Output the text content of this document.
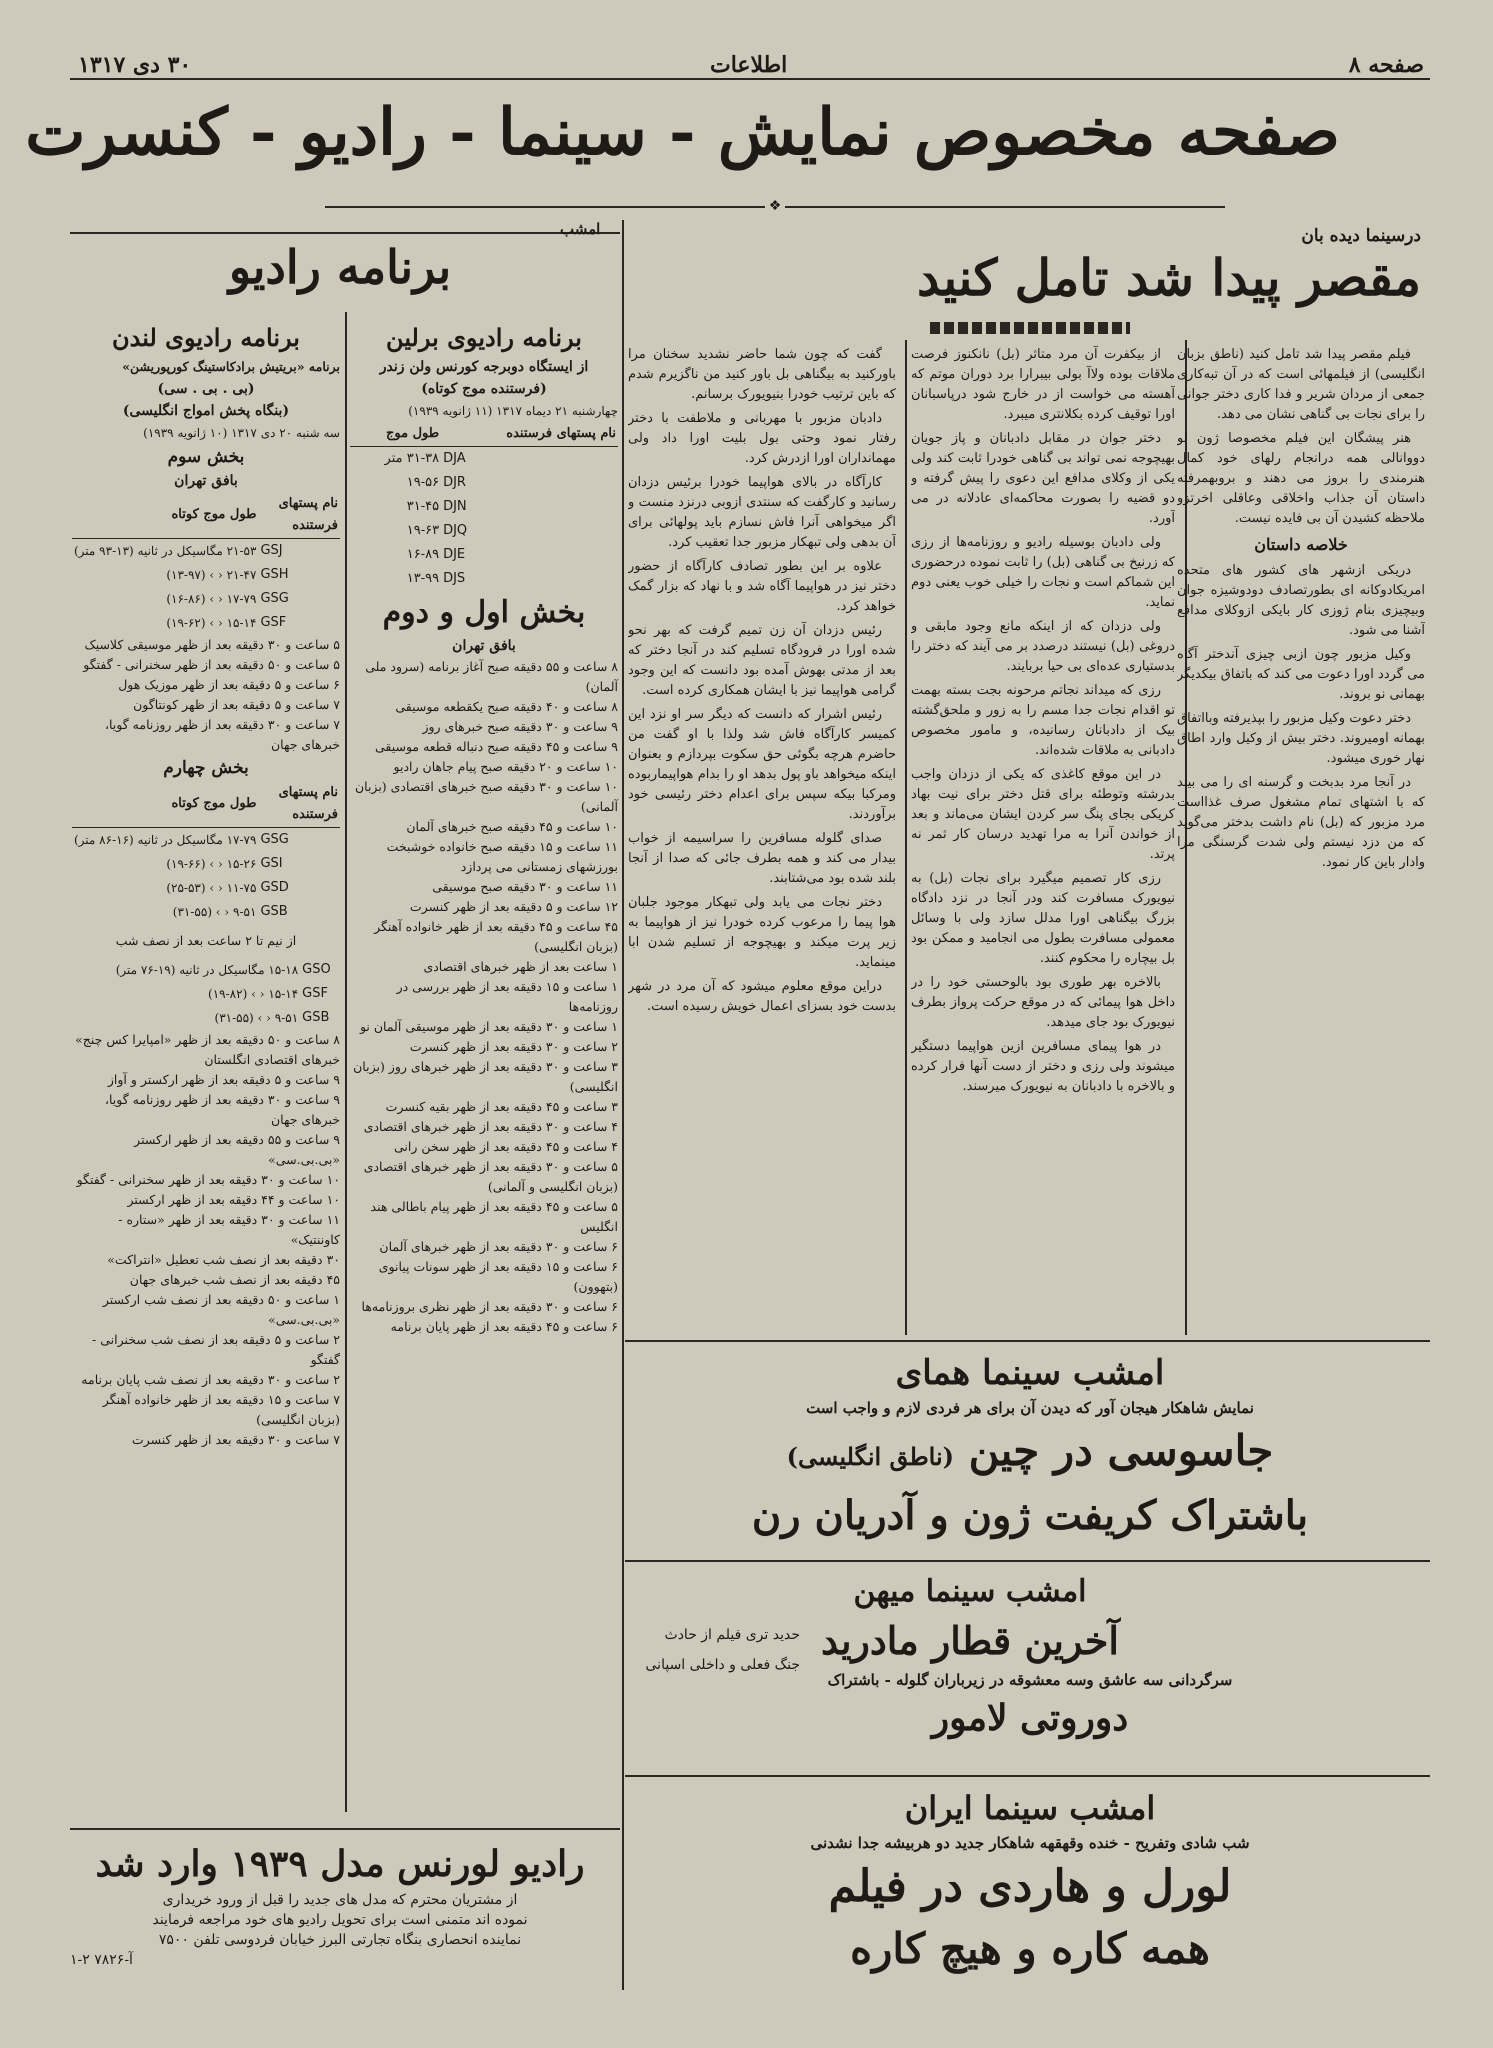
صفحه ۸
اطلاعات
۳۰ دی ۱۳۱۷
صفحه مخصوص نمایش - سینما - رادیو - کنسرت
❖
درسینما دیده بان
مقصر پیدا شد تامل کنید

فیلم مقصر پیدا شد تامل کنید (ناطق بزبان انگلیسی) از فیلمهائی است که در آن تبه‌کاری جمعی از مردان شریر و فدا کاری دختر جوانی را برای نجات بی گناهی نشان می دهد.

هنر پیشگان این فیلم مخصوصا ژون لو دووانالی همه درانجام رلهای خود کمال هنرمندی را بروز می دهند و بروبهمرفته داستان آن جذاب واخلاقی وعاقلی اخرتزو ملاحظه کشیدن آن بی فایده نیست.

خلاصه داستان

دریکی ازشهر های کشور های متحده امریکادوکانه ای بطورتصادف دودوشیزه جوان وبیچیزی بنام ژوزی کار بایکی ازوکلای مدافع آشنا می شود.

وکیل مزبور چون ازبی چیزی آندختر آگاه می گردد اورا دعوت می کند که باتفاق بیکدیگر بهمانی نو بروند.

دختر دعوت وکیل مزبور را بپذیرفته وبااتفاق بهمانه اومیروند. دختر بیش از وکیل وارد اطاق نهار خوری میشود.

در آنجا مرد بدبخت و گرسنه ای را می بیند که با اشتهای تمام مشغول صرف غذااست مرد مزبور که (بل) نام داشت بدختر می‌گوید که من دزد نیستم ولی شدت گرسنگی مرا وادار باین کار نمود.

از بیکفرت آن مرد متاثر (بل) نانکنوز فرصت ملاقات بوده ولاآ بولی بیبرارا برد دوران موتم که آهسته می خواست از در خارج شود درپاسبانان اورا توقیف کرده بکلانتری میبرد.

دختر جوان در مقابل دادبانان و پاز جویان بهیچوجه نمی تواند بی گناهی خودرا ثابت کند ولی یکی از وکلای مدافع این دعوی را پیش گرفته و دو قضیه را بصورت محاکمه‌ای عادلانه در می آورد.

ولی دادبان بوسیله رادیو و روزنامه‌ها از رزی که زرنیخ بی گناهی (بل) را ثابت نموده درحضوری این شماکم است و نجات را خیلی خوب یعنی دوم نماید.

ولی دزدان که از اینکه مانع وجود مابقی و دروغی (بل) نیستند درصدد بر می آیند که دختر را بدستیاری عده‌ای بی حیا بربایند.

رزی که میداند نجاتم مرحونه بجت بسته بهمت تو اقدام نجات جدا مسم را به زور و ملحق‌گشته بیک از دادبانان رسانیده، و مامور مخصوص دادبانی به ملاقات شده‌اند.

در این موقع کاغذی که یکی از دزدان واجب بدرشته وتوطئه برای قتل دختر برای نیت بهاد کریکی بجای پنگ سر کردن ایشان می‌ماند و بعد از خواندن آنرا به مرا تهدید درسان کار ثمر نه پرتد.

رزی کار تصمیم میگیرد برای نجات (بل) به نیویورک مسافرت کند ودر آنجا در نزد دادگاه بزرگ بیگناهی اورا مدلل سازد ولی با وسائل معمولی مسافرت بطول می انجامید و ممکن بود بل بیچاره را محکوم کنند.

بالاخره بهر طوری بود بالوحستی خود را در داخل هوا پیمائی که در موقع حرکت پرواز بطرف نیویورک بود جای میدهد.

در هوا پیمای مسافرین ازین هواپیما دستگیر میشوند ولی رزی و دختر از دست آنها فرار کرده و بالاخره با دادبانان به نیویورک میرسند.

گفت که چون شما حاضر نشدید سخنان مرا باورکنید به بیگناهی بل باور کنید من ناگزیرم شدم که باین ترتیب خودرا بنیویورک برسانم.

دادبان مزبور با مهربانی و ملاطفت با دختر رفتار نمود وحتی بول بلیت اورا داد ولی مهمانداران اورا ازدرش کرد.

کارآگاه در بالای هواپیما خودرا برئیس دزدان رسانید و کارگفت که سنتدی ازوبی درنزد منست و اگر میخواهی آنرا فاش نسازم باید پولهائی برای آن بدهی ولی تبهکار مزبور جدا تعقیب کرد.

علاوه بر این بطور تصادف کارآگاه از حضور دختر نیز در هواپیما آگاه شد و با نهاد که بزار گمک خواهد کرد.

رئیس دزدان آن زن تمیم گرفت که بهر نحو شده اورا در فرودگاه تسلیم کند در آنجا دختر که بعد از مدتی بهوش آمده بود دانست که این وجود گرامی هواپیما نیز با ایشان همکاری کرده است.

رئیس اشرار که دانست که دیگر سر او نزد این کمیسر کارآگاه فاش شد ولذا با او گفت من حاضرم هرچه بگوئی حق سکوت بپردازم و بعنوان اینکه میخواهد باو پول بدهد او را بدام هواپیماربوده ومرکبا بیکه سپس برای اعدام دختر رئیسی خود برآوردند.

صدای گلوله مسافرین را سراسیمه از خواب بیدار می کند و همه بطرف جائی که صدا از آنجا بلند شده بود می‌شتابند.

دختر نجات می یابد ولی تبهکار موجود جلبان هوا پیما را مرعوب کرده خودرا نیز از هواپیما به زیر پرت میکند و بهیچوجه از تسلیم شدن ابا مینماید.

دراین موقع معلوم میشود که آن مرد در شهر بدست خود بسزای اعمال خویش رسیده است.

امشب سینما همای
نمایش شاهکار هیجان آور که دیدن آن برای هر فردی لازم و واجب است
جاسوسی در چین (ناطق انگلیسی)
باشتراک کریفت ژون و آدریان رن
امشب سینما میهن
حدید تری فیلم از حادث
جنگ فعلی و داخلی اسپانی
آخرین قطار مادرید
سرگردانی سه عاشق وسه معشوقه در زیرباران گلوله - باشتراک
دوروتی لامور
امشب سینما ایران
شب شادی وتفریح - خنده وقهقهه شاهکار جدید دو هربیشه جدا نشدنی
لورل و هاردی در فیلم
همه کاره و هیچ کاره
امشب
برنامه رادیو
برنامه رادیوی برلین
از ایستگاه دوبرجه کورنس ولن زندر
(فرستنده موج کوتاه)
چهارشنبه ۲۱ دیماه ۱۳۱۷ (۱۱ ژانویه ۱۹۳۹)
نام پستهای فرستنده	طول موج
DJA	۳۱-۳۸ متر
DJR	۱۹-۵۶
DJN	۳۱-۴۵
DJQ	۱۹-۶۳
DJE	۱۶-۸۹
DJS	۱۳-۹۹
بخش اول و دوم
بافق تهران
۸ ساعت و ۵۵ دقیقه صبح آغاز برنامه (سرود ملی آلمان)
۸ ساعت و ۴۰ دقیقه صبح یکقطعه موسیقی
۹ ساعت و ۳۰ دقیقه صبح خبرهای روز
۹ ساعت و ۴۵ دقیقه صبح دنباله قطعه موسیقی
۱۰ ساعت و ۲۰ دقیقه صبح پیام جاهان رادیو
۱۰ ساعت و ۳۰ دقیقه صبح خبرهای اقتصادی (بزبان آلمانی)
۱۰ ساعت و ۴۵ دقیقه صبح خبرهای آلمان
۱۱ ساعت و ۱۵ دقیقه صبح خانواده خوشبخت بورزشهای زمستانی می پردازد
۱۱ ساعت و ۳۰ دقیقه صبح موسیقی
۱۲ ساعت و ۵ دقیقه بعد از ظهر کنسرت
۴۵ ساعت و ۴۵ دقیقه بعد از ظهر خانواده آهنگر (بزبان انگلیسی)
۱ ساعت بعد از ظهر خبرهای اقتصادی
۱ ساعت و ۱۵ دقیقه بعد از ظهر بررسی در روزنامه‌ها
۱ ساعت و ۳۰ دقیقه بعد از ظهر موسیقی آلمان نو
۲ ساعت و ۳۰ دقیقه بعد از ظهر کنسرت
۳ ساعت و ۳۰ دقیقه بعد از ظهر خبرهای روز (بزبان انگلیسی)
۳ ساعت و ۴۵ دقیقه بعد از ظهر بقیه کنسرت
۴ ساعت و ۳۰ دقیقه بعد از ظهر خبرهای اقتصادی
۴ ساعت و ۴۵ دقیقه بعد از ظهر سخن رانی
۵ ساعت و ۳۰ دقیقه بعد از ظهر خبرهای اقتصادی (بزبان انگلیسی و آلمانی)
۵ ساعت و ۴۵ دقیقه بعد از ظهر پیام باطالی هند انگلیس
۶ ساعت و ۳۰ دقیقه بعد از ظهر خبرهای آلمان
۶ ساعت و ۱۵ دقیقه بعد از ظهر سونات پیانوی (بتهوون)
۶ ساعت و ۳۰ دقیقه بعد از ظهر نظری بروزنامه‌ها
۶ ساعت و ۴۵ دقیقه بعد از ظهر پایان برنامه
برنامه رادیوی لندن
برنامه «بریتیش برادکاستینگ کورپوریشن»
(بی . بی . سی)
(بنگاه پخش امواج انگلیسی)
سه شنبه ۲۰ دی ۱۳۱۷ (۱۰ ژانویه ۱۹۳۹)
بخش سوم
بافق تهران
نام پستهای فرستنده	طول موج کوتاه
GSJ	۲۱-۵۳ مگاسیکل در ثانیه (۱۳-۹۳ متر)
GSH	۲۱-۴۷ ‹ › (۱۳-۹۷)
GSG	۱۷-۷۹ ‹ › (۱۶-۸۶)
GSF	۱۵-۱۴ ‹ › (۱۹-۶۲)
۵ ساعت و ۳۰ دقیقه بعد از ظهر موسیقی کلاسیک
۵ ساعت و ۵۰ دقیقه بعد از ظهر سخنرانی - گفتگو
۶ ساعت و ۵ دقیقه بعد از ظهر موزیک هول
۷ ساعت و ۵ دقیقه بعد از ظهر کونتاگون
۷ ساعت و ۳۰ دقیقه بعد از ظهر روزنامه گویا، خبرهای جهان
بخش چهارم
نام پستهای فرستنده	طول موج کوتاه
GSG	۱۷-۷۹ مگاسیکل در ثانیه (۱۶-۸۶ متر)
GSI	۱۵-۲۶ ‹ › (۱۹-۶۶)
GSD	۱۱-۷۵ ‹ › (۲۵-۵۳)
GSB	۹-۵۱ ‹ › (۳۱-۵۵)
از نیم تا ۲ ساعت بعد از نصف شب
GSO	۱۵-۱۸ مگاسیکل در ثانیه (۱۹-۷۶ متر)
GSF	۱۵-۱۴ ‹ › (۱۹-۸۲)
GSB	۹-۵۱ ‹ › (۳۱-۵۵)
۸ ساعت و ۵۰ دقیقه بعد از ظهر «امپایرا کس چنج» خبرهای اقتصادی انگلستان
۹ ساعت و ۵ دقیقه بعد از ظهر ارکستر و آواز
۹ ساعت و ۳۰ دقیقه بعد از ظهر روزنامه گویا، خبرهای جهان
۹ ساعت و ۵۵ دقیقه بعد از ظهر ارکستر «بی.بی.سی»
۱۰ ساعت و ۳۰ دقیقه بعد از ظهر سخنرانی - گفتگو
۱۰ ساعت و ۴۴ دقیقه بعد از ظهر ارکستر
۱۱ ساعت و ۳۰ دقیقه بعد از ظهر «ستاره - کاوننتیک»
۳۰ دقیقه بعد از نصف شب تعطیل «انتراکت»
۴۵ دقیقه بعد از نصف شب خبرهای جهان
۱ ساعت و ۵۰ دقیقه بعد از نصف شب ارکستر «بی.بی.سی»
۲ ساعت و ۵ دقیقه بعد از نصف شب سخنرانی - گفتگو
۲ ساعت و ۳۰ دقیقه بعد از نصف شب پایان برنامه
۷ ساعت و ۱۵ دقیقه بعد از ظهر خانواده آهنگر (بزبان انگلیسی)
۷ ساعت و ۳۰ دقیقه بعد از ظهر کنسرت
رادیو لورنس مدل ۱۹۳۹ وارد شد
از مشتریان محترم که مدل های جدید را قبل از ورود خریداری
نموده اند متمنی است برای تحویل رادیو های خود مراجعه فرمایند
نماینده انحصاری بنگاه تجارتی البرز خیابان فردوسی تلفن ۷۵۰۰
آ-۷۸۲۶ ۲-۱
